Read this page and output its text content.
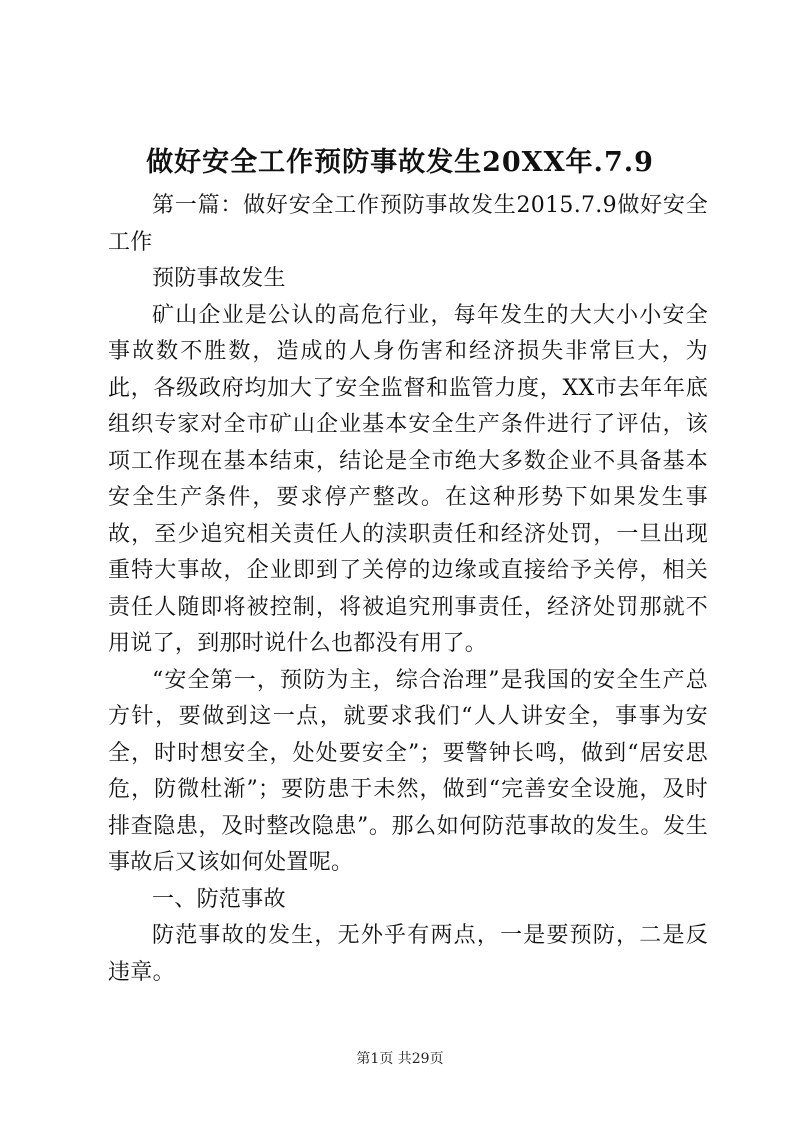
做好安全工作预防事故发生20XX年.7.9

第一篇：做好安全工作预防事故发生2015.7.9做好安全工作

预防事故发生

矿山企业是公认的高危行业，每年发生的大大小小安全事故数不胜数，造成的人身伤害和经济损失非常巨大，为此，各级政府均加大了安全监督和监管力度，XX市去年年底组织专家对全市矿山企业基本安全生产条件进行了评估，该项工作现在基本结束，结论是全市绝大多数企业不具备基本安全生产条件，要求停产整改。在这种形势下如果发生事故，至少追究相关责任人的渎职责任和经济处罚，一旦出现重特大事故，企业即到了关停的边缘或直接给予关停，相关责任人随即将被控制，将被追究刑事责任，经济处罚那就不用说了，到那时说什么也都没有用了。

“安全第一，预防为主，综合治理”是我国的安全生产总方针，要做到这一点，就要求我们“人人讲安全，事事为安全，时时想安全，处处要安全”；要警钟长鸣，做到“居安思危，防微杜渐”；要防患于未然，做到“完善安全设施，及时排查隐患，及时整改隐患”。那么如何防范事故的发生。发生事故后又该如何处置呢。

一、防范事故

防范事故的发生，无外乎有两点，一是要预防，二是反违章。

第1页 共29页
